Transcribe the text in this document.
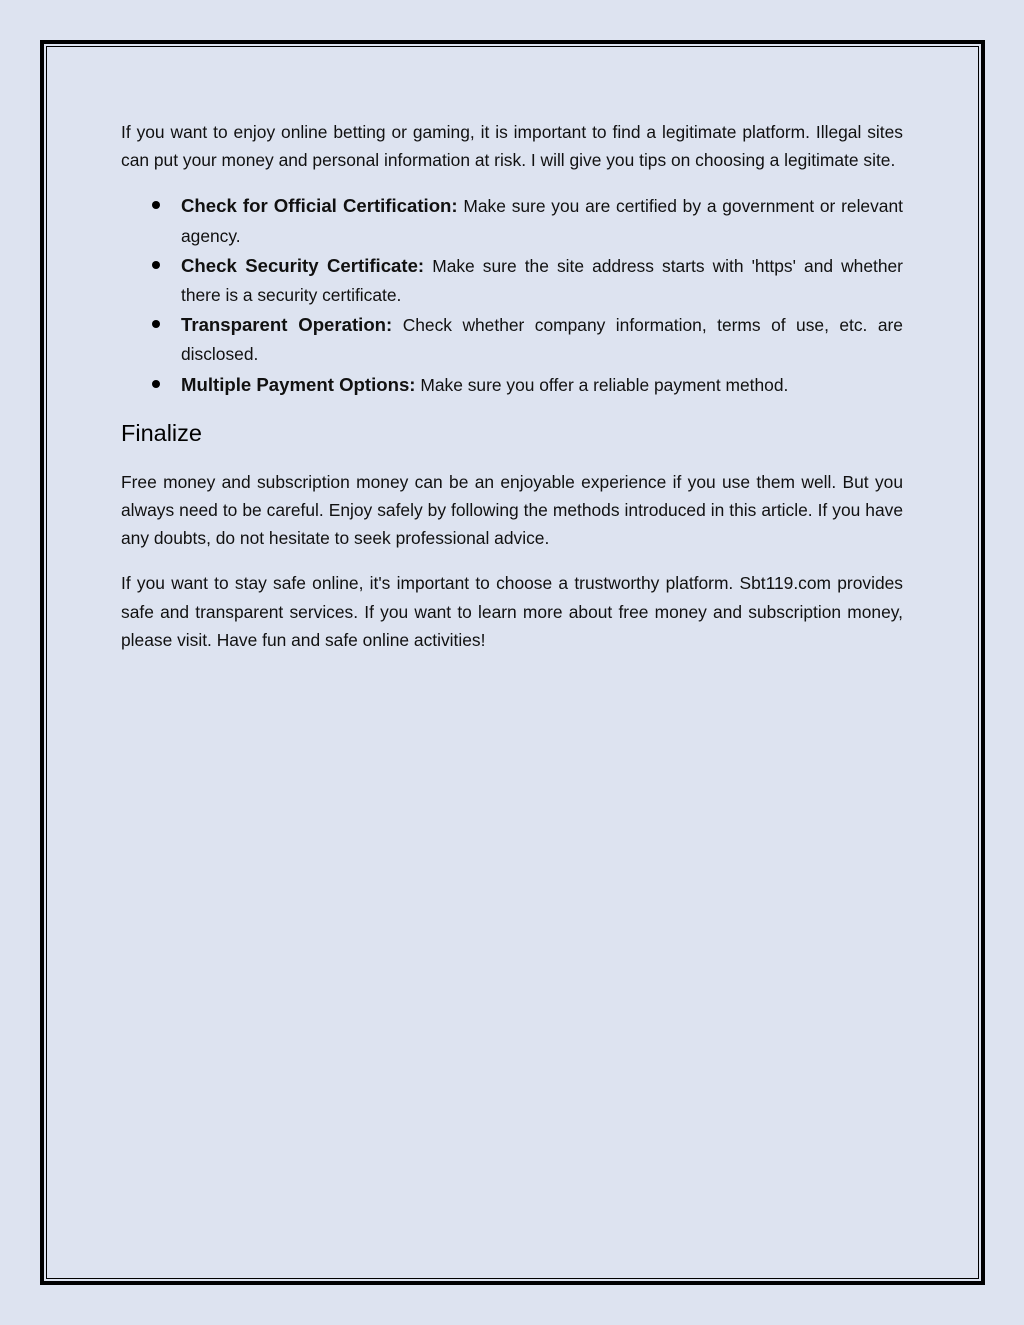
If you want to enjoy online betting or gaming, it is important to find a legitimate platform. Illegal sites can put your money and personal information at risk. I will give you tips on choosing a legitimate site.

Check for Official Certification: Make sure you are certified by a government or relevant agency.
Check Security Certificate: Make sure the site address starts with 'https' and whether there is a security certificate.
Transparent Operation: Check whether company information, terms of use, etc. are disclosed.
Multiple Payment Options: Make sure you offer a reliable payment method.
Finalize

Free money and subscription money can be an enjoyable experience if you use them well. But you always need to be careful. Enjoy safely by following the methods introduced in this article. If you have any doubts, do not hesitate to seek professional advice.

If you want to stay safe online, it's important to choose a trustworthy platform. Sbt119.com provides safe and transparent services. If you want to learn more about free money and subscription money, please visit. Have fun and safe online activities!
